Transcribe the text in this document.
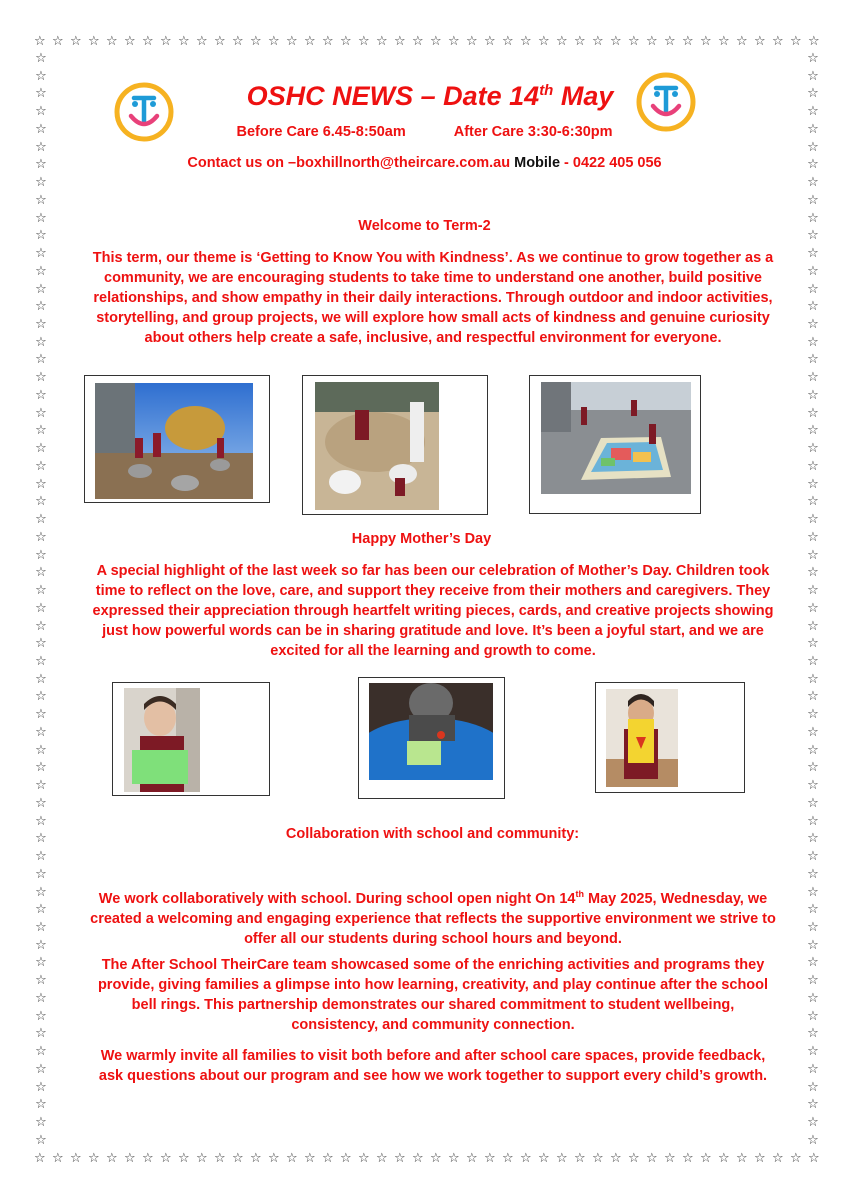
☆ ☆ ☆ ☆ ☆ ☆ ☆ ☆ ☆ ☆ ☆ ☆ ☆ ☆ ☆ ☆ ☆ ☆ ☆ ☆ ☆ ☆ ☆ ☆ ☆ ☆ ☆ ☆ ☆ ☆ ☆ ☆ ☆ ☆ ☆ ☆ ☆ ☆ ☆ ☆ ☆ ☆ ☆ ☆
☆ ☆ ☆ ☆ ☆ ☆ ☆ ☆ ☆ ☆ ☆ ☆ ☆ ☆ ☆ ☆ ☆ ☆ ☆ ☆ ☆ ☆ ☆ ☆ ☆ ☆ ☆ ☆ ☆ ☆ ☆ ☆ ☆ ☆ ☆ ☆ ☆ ☆ ☆ ☆ ☆ ☆ ☆ ☆
☆
☆
☆
☆
☆
☆
☆
☆
☆
☆
☆
☆
☆
☆
☆
☆
☆
☆
☆
☆
☆
☆
☆
☆
☆
☆
☆
☆
☆
☆
☆
☆
☆
☆
☆
☆
☆
☆
☆
☆
☆
☆
☆
☆
☆
☆
☆
☆
☆
☆
☆
☆
☆
☆
☆
☆
☆
☆
☆
☆
☆
☆
☆
☆
☆
☆
☆
☆
☆
☆
☆
☆
☆
☆
☆
☆
☆
☆
☆
☆
☆
☆
☆
☆
☆
☆
☆
☆
☆
☆
☆
☆
☆
☆
☆
☆
☆
☆
☆
☆
☆
☆
☆
☆
☆
☆
☆
☆
☆
☆
☆
☆
☆
☆
☆
☆
☆
☆
☆
☆
☆
☆
☆
☆
OSHC NEWS – Date 14th May
Before Care 6.45-8:50am	After Care 3:30-6:30pm
Contact us on –boxhillnorth@theircare.com.au Mobile - 0422 405 056
Welcome to Term-2

This term, our theme is ‘Getting to Know You with Kindness’. As we continue to grow together as a community, we are encouraging students to take time to understand one another, build positive relationships, and show empathy in their daily interactions. Through outdoor and indoor activities, storytelling, and group projects, we will explore how small acts of kindness and genuine curiosity about others help create a safe, inclusive, and respectful environment for everyone.

Happy Mother’s Day

A special highlight of the last week so far has been our celebration of Mother’s Day. Children took time to reflect on the love, care, and support they receive from their mothers and caregivers. They expressed their appreciation through heartfelt writing pieces, cards, and creative projects showing just how powerful words can be in sharing gratitude and love. It’s been a joyful start, and we are excited for all the learning and growth to come.

Collaboration with school and community:

We work collaboratively with school. During school open night On 14th May 2025, Wednesday, we created a welcoming and engaging experience that reflects the supportive environment we strive to offer all our students during school hours and beyond.

The After School TheirCare team showcased some of the enriching activities and programs they provide, giving families a glimpse into how learning, creativity, and play continue after the school bell rings. This partnership demonstrates our shared commitment to student wellbeing, consistency, and community connection.

We warmly invite all families to visit both before and after school care spaces, provide feedback, ask questions about our program and see how we work together to support every child’s growth.
